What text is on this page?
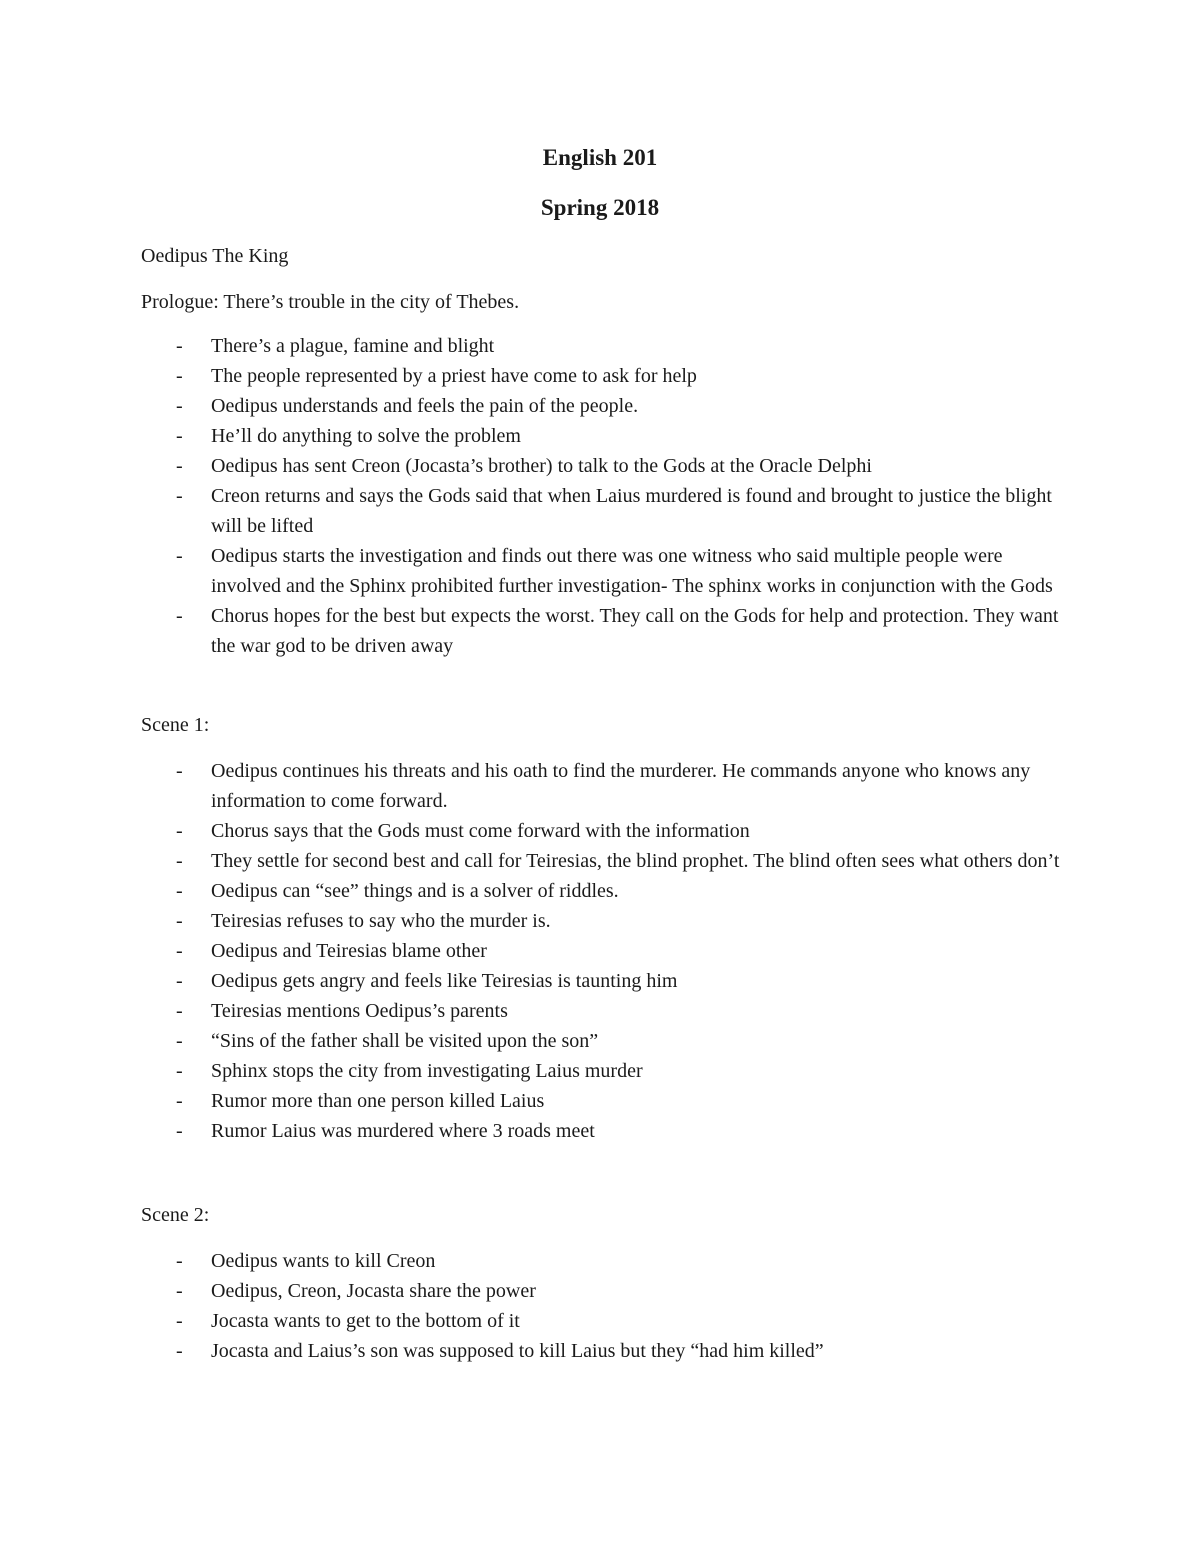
English 201

Spring 2018

Oedipus The King

Prologue: There’s trouble in the city of Thebes.

- There’s a plague, famine and blight
- The people represented by a priest have come to ask for help
- Oedipus understands and feels the pain of the people.
- He’ll do anything to solve the problem
- Oedipus has sent Creon (Jocasta’s brother) to talk to the Gods at the Oracle Delphi
- Creon returns and says the Gods said that when Laius murdered is found and brought to justice the blight will be lifted
- Oedipus starts the investigation and finds out there was one witness who said multiple people were involved and the Sphinx prohibited further investigation- The sphinx works in conjunction with the Gods
- Chorus hopes for the best but expects the worst. They call on the Gods for help and protection. They want the war god to be driven away

Scene 1:

- Oedipus continues his threats and his oath to find the murderer. He commands anyone who knows any information to come forward.
- Chorus says that the Gods must come forward with the information
- They settle for second best and call for Teiresias, the blind prophet. The blind often sees what others don’t
- Oedipus can “see” things and is a solver of riddles.
- Teiresias refuses to say who the murder is.
- Oedipus and Teiresias blame other
- Oedipus gets angry and feels like Teiresias is taunting him
- Teiresias mentions Oedipus’s parents
- “Sins of the father shall be visited upon the son”
- Sphinx stops the city from investigating Laius murder
- Rumor more than one person killed Laius
- Rumor Laius was murdered where 3 roads meet

Scene 2:

- Oedipus wants to kill Creon
- Oedipus, Creon, Jocasta share the power
- Jocasta wants to get to the bottom of it
- Jocasta and Laius’s son was supposed to kill Laius but they “had him killed”
